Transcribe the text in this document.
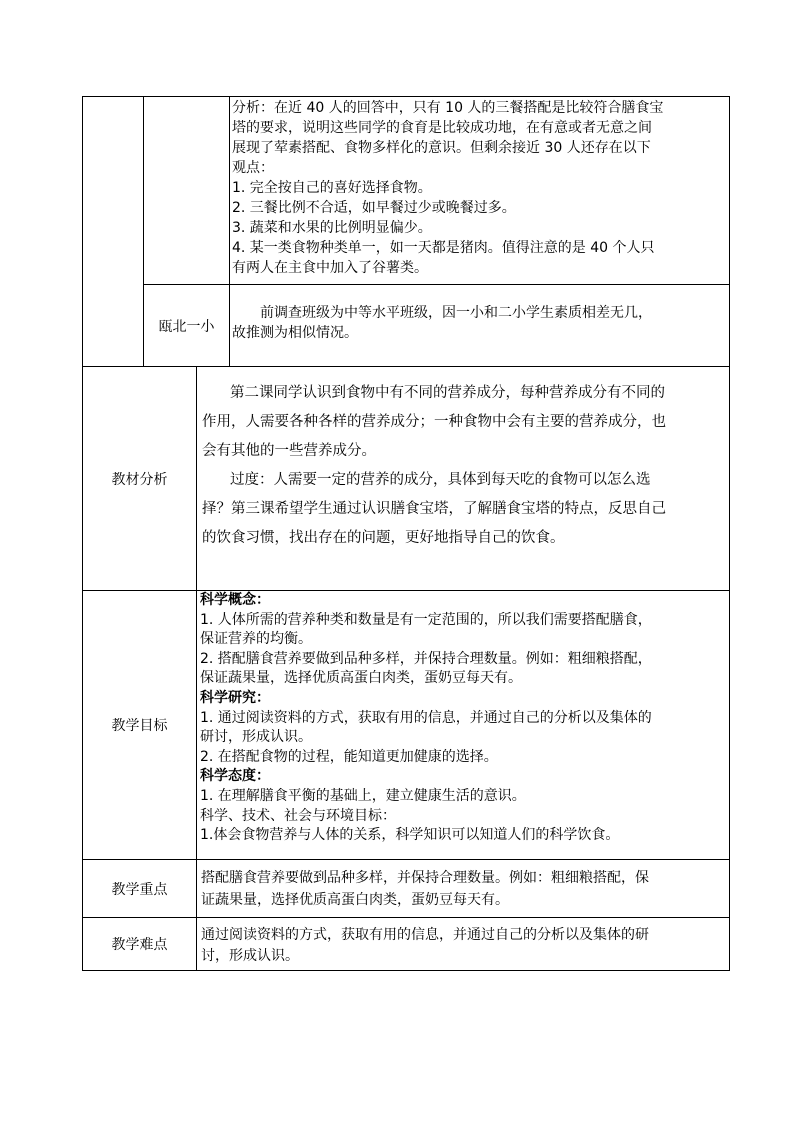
分析：在近 40 人的回答中，只有 10 人的三餐搭配是比较符合膳食宝

塔的要求，说明这些同学的食育是比较成功地，在有意或者无意之间

展现了荤素搭配、食物多样化的意识。但剩余接近 30 人还存在以下

观点：

1. 完全按自己的喜好选择食物。

2. 三餐比例不合适，如早餐过少或晚餐过多。

3. 蔬菜和水果的比例明显偏少。

4. 某一类食物种类单一，如一天都是猪肉。值得注意的是 40 个人只

有两人在主食中加入了谷薯类。

瓯北一小

前调查班级为中等水平班级，因一小和二小学生素质相差无几，

故推测为相似情况。

教材分析

第二课同学认识到食物中有不同的营养成分，每种营养成分有不同的

作用，人需要各种各样的营养成分；一种食物中会有主要的营养成分，也

会有其他的一些营养成分。

过度：人需要一定的营养的成分，具体到每天吃的食物可以怎么选

择？第三课希望学生通过认识膳食宝塔，了解膳食宝塔的特点，反思自己

的饮食习惯，找出存在的问题，更好地指导自己的饮食。

教学目标

科学概念：

1. 人体所需的营养种类和数量是有一定范围的，所以我们需要搭配膳食，

保证营养的均衡。

2. 搭配膳食营养要做到品种多样，并保持合理数量。例如：粗细粮搭配，

保证蔬果量，选择优质高蛋白肉类，蛋奶豆每天有。

科学研究：

1. 通过阅读资料的方式，获取有用的信息，并通过自己的分析以及集体的

研讨，形成认识。

2. 在搭配食物的过程，能知道更加健康的选择。

科学态度：

1. 在理解膳食平衡的基础上，建立健康生活的意识。

科学、技术、社会与环境目标：

1.体会食物营养与人体的关系，科学知识可以知道人们的科学饮食。

教学重点

搭配膳食营养要做到品种多样，并保持合理数量。例如：粗细粮搭配，保

证蔬果量，选择优质高蛋白肉类，蛋奶豆每天有。

教学难点

通过阅读资料的方式，获取有用的信息，并通过自己的分析以及集体的研

讨，形成认识。
